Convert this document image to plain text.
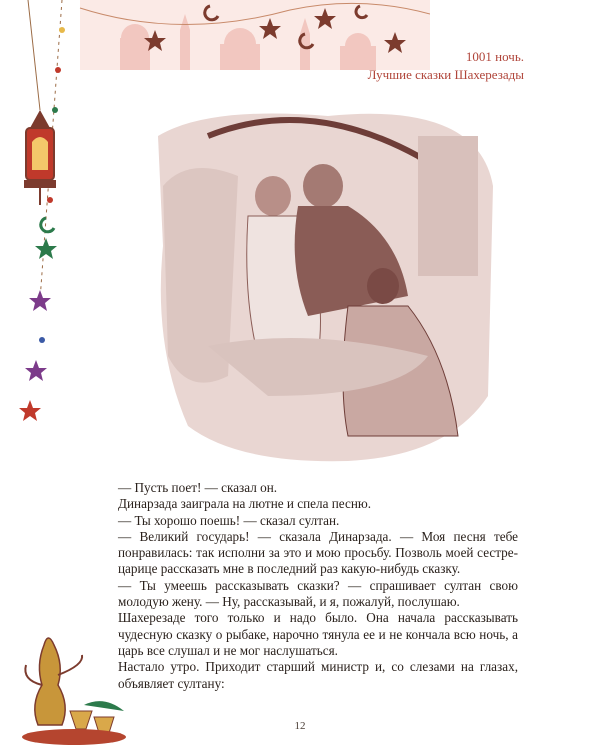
1001 ночь.
Лучшие сказки Шахерезады

— Пусть поет! — сказал он.

Динарзада заиграла на лютне и спела песню.

— Ты хорошо поешь! — сказал султан.

— Великий государь! — сказала Динарзада. — Моя песня тебе понравилась: так исполни за это и мою просьбу. Позволь моей сестре-царице рассказать мне в последний раз какую-нибудь сказку.

— Ты умеешь рассказывать сказки? — спрашивает султан свою молодую жену. — Ну, рассказывай, и я, пожалуй, послушаю.

Шахерезаде того только и надо было. Она начала рассказывать чудесную сказку о рыбаке, нарочно тянула ее и не кончала всю ночь, а царь все слушал и не мог наслушаться.

Настало утро. Приходит старший министр и, со слезами на глазах, объявляет султану:

12
